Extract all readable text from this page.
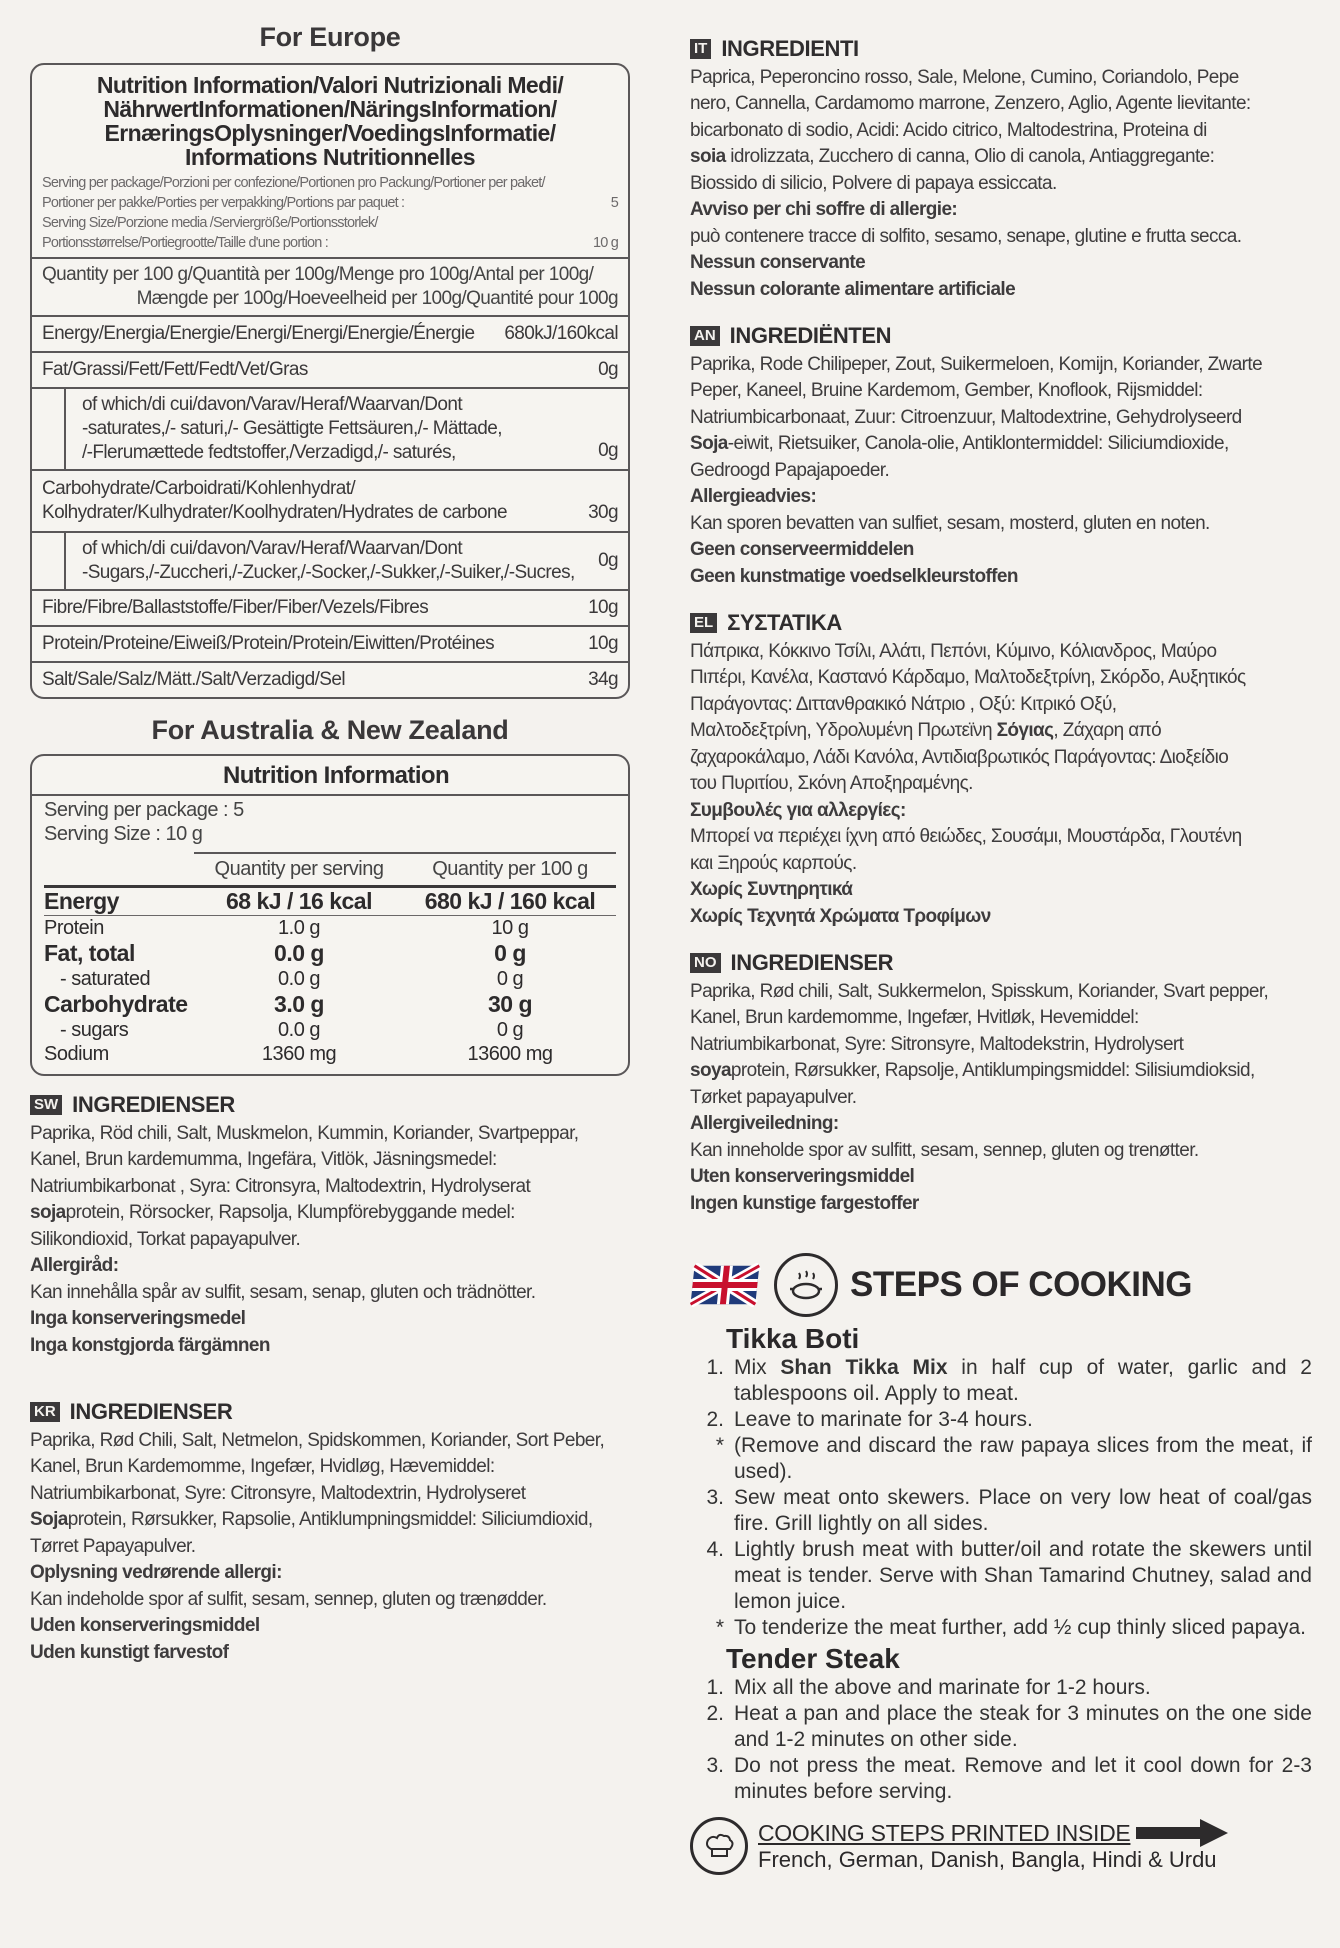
For Europe
Nutrition Information/Valori Nutrizionali Medi/
NährwertInformationen/NäringsInformation/
ErnæringsOplysninger/VoedingsInformatie/
Informations Nutritionnelles
Serving per package/Porzioni per confezione/Portionen pro Packung/Portioner per paket/
Portioner per pakke/Porties per verpakking/Portions par paquet :	5
Serving Size/Porzione media /Serviergröße/Portionsstorlek/
Portionsstørrelse/Portiegrootte/Taille d'une portion :	10 g
Quantity per 100 g/Quantità per 100g/Menge pro 100g/Antal per 100g/
Mængde per 100g/Hoeveelheid per 100g/Quantité pour 100g
Energy/Energia/Energie/Energi/Energi/Energie/Énergie 680kJ/160kcal
Fat/Grassi/Fett/Fett/Fedt/Vet/Gras	0g
of which/di cui/davon/Varav/Heraf/Waarvan/Dont
-saturates,/- saturi,/- Gesättigte Fettsäuren,/- Mättade,
/-Flerumættede fedtstoffer,/Verzadigd,/- saturés,	0g
Carbohydrate/Carboidrati/Kohlenhydrat/
Kolhydrater/Kulhydrater/Koolhydraten/Hydrates de carbone	30g
of which/di cui/davon/Varav/Heraf/Waarvan/Dont
-Sugars,/-Zuccheri,/-Zucker,/-Socker,/-Sukker,/-Suiker,/-Sucres,
0g
Fibre/Fibre/Ballaststoffe/Fiber/Fiber/Vezels/Fibres	10g
Protein/Proteine/Eiweiß/Protein/Protein/Eiwitten/Protéines	10g
Salt/Sale/Salz/Mätt./Salt/Verzadigd/Sel	34g
For Australia & New Zealand
Nutrition Information
Serving per package : 5
Serving Size : 10 g
	Quantity per serving	Quantity per 100 g
Energy	68 kJ / 16 kcal	680 kJ / 160 kcal
Protein	1.0 g	10 g
Fat, total	0.0 g	0 g
- saturated	0.0 g	0 g
Carbohydrate	3.0 g	30 g
- sugars	0.0 g	0 g
Sodium	1360 mg	13600 mg
SW INGREDIENSER
Paprika, Röd chili, Salt, Muskmelon, Kummin, Koriander, Svartpeppar,
Kanel, Brun kardemumma, Ingefära, Vitlök, Jäsningsmedel:
Natriumbikarbonat , Syra: Citronsyra, Maltodextrin, Hydrolyserat
sojaprotein, Rörsocker, Rapsolja, Klumpförebyggande medel:
Silikondioxid, Torkat papayapulver.
Allergiråd:
Kan innehålla spår av sulfit, sesam, senap, gluten och trädnötter.
Inga konserveringsmedel
Inga konstgjorda färgämnen
KR INGREDIENSER
Paprika, Rød Chili, Salt, Netmelon, Spidskommen, Koriander, Sort Peber,
Kanel, Brun Kardemomme, Ingefær, Hvidløg, Hævemiddel:
Natriumbikarbonat, Syre: Citronsyre, Maltodextrin, Hydrolyseret
Sojaprotein, Rørsukker, Rapsolie, Antiklumpningsmiddel: Siliciumdioxid,
Tørret Papayapulver.
Oplysning vedrørende allergi:
Kan indeholde spor af sulfit, sesam, sennep, gluten og trænødder.
Uden konserveringsmiddel
Uden kunstigt farvestof
IT INGREDIENTI
Paprica, Peperoncino rosso, Sale, Melone, Cumino, Coriandolo, Pepe
nero, Cannella, Cardamomo marrone, Zenzero, Aglio, Agente lievitante:
bicarbonato di sodio, Acidi: Acido citrico, Maltodestrina, Proteina di
soia idrolizzata, Zucchero di canna, Olio di canola, Antiaggregante:
Biossido di silicio, Polvere di papaya essiccata.
Avviso per chi soffre di allergie:
può contenere tracce di solfito, sesamo, senape, glutine e frutta secca.
Nessun conservante
Nessun colorante alimentare artificiale
AN INGREDIËNTEN
Paprika, Rode Chilipeper, Zout, Suikermeloen, Komijn, Koriander, Zwarte
Peper, Kaneel, Bruine Kardemom, Gember, Knoflook, Rijsmiddel:
Natriumbicarbonaat, Zuur: Citroenzuur, Maltodextrine, Gehydrolyseerd
Soja-eiwit, Rietsuiker, Canola-olie, Antiklontermiddel: Siliciumdioxide,
Gedroogd Papajapoeder.
Allergieadvies:
Kan sporen bevatten van sulfiet, sesam, mosterd, gluten en noten.
Geen conserveermiddelen
Geen kunstmatige voedselkleurstoffen
EL ΣΥΣΤΑΤΙΚΑ
Πάπρικα, Κόκκινο Τσίλι, Αλάτι, Πεπόνι, Κύμινο, Κόλιανδρος, Μαύρο
Πιπέρι, Κανέλα, Καστανό Κάρδαμο, Μαλτοδεξτρίνη, Σκόρδο, Αυξητικός
Παράγοντας: Διττανθρακικό Νάτριο , Οξύ: Κιτρικό Οξύ,
Μαλτοδεξτρίνη, Υδρολυμένη Πρωτεϊνη Σόγιας, Ζάχαρη από
ζαχαροκάλαμο, Λάδι Κανόλα, Αντιδιαβρωτικός Παράγοντας: Διοξείδιο
του Πυριτίου, Σκόνη Αποξηραμένης.
Συμβουλές για αλλεργίες:
Μπορεί να περιέχει ίχνη από θειώδες, Σουσάμι, Μουστάρδα, Γλουτένη
και Ξηρούς καρπούς.
Χωρίς Συντηρητικά
Χωρίς Τεχνητά Χρώματα Τροφίμων
NO INGREDIENSER
Paprika, Rød chili, Salt, Sukkermelon, Spisskum, Koriander, Svart pepper,
Kanel, Brun kardemomme, Ingefær, Hvitløk, Hevemiddel:
Natriumbikarbonat, Syre: Sitronsyre, Maltodekstrin, Hydrolysert
soyaprotein, Rørsukker, Rapsolje, Antiklumpingsmiddel: Silisiumdioksid,
Tørket papayapulver.
Allergiveiledning:
Kan inneholde spor av sulfitt, sesam, sennep, gluten og trenøtter.
Uten konserveringsmiddel
Ingen kunstige fargestoffer
STEPS OF COOKING
Tikka Boti
1. Mix Shan Tikka Mix in half cup of water, garlic and 2 tablespoons oil. Apply to meat.
2. Leave to marinate for 3-4 hours.
* (Remove and discard the raw papaya slices from the meat, if used).
3. Sew meat onto skewers. Place on very low heat of coal/gas fire. Grill lightly on all sides.
4. Lightly brush meat with butter/oil and rotate the skewers until meat is tender. Serve with Shan Tamarind Chutney, salad and lemon juice.
* To tenderize the meat further, add ½ cup thinly sliced papaya.
Tender Steak
1. Mix all the above and marinate for 1-2 hours.
2. Heat a pan and place the steak for 3 minutes on the one side and 1-2 minutes on other side.
3. Do not press the meat. Remove and let it cool down for 2-3 minutes before serving.
COOKING STEPS PRINTED INSIDE
French, German, Danish, Bangla, Hindi & Urdu
